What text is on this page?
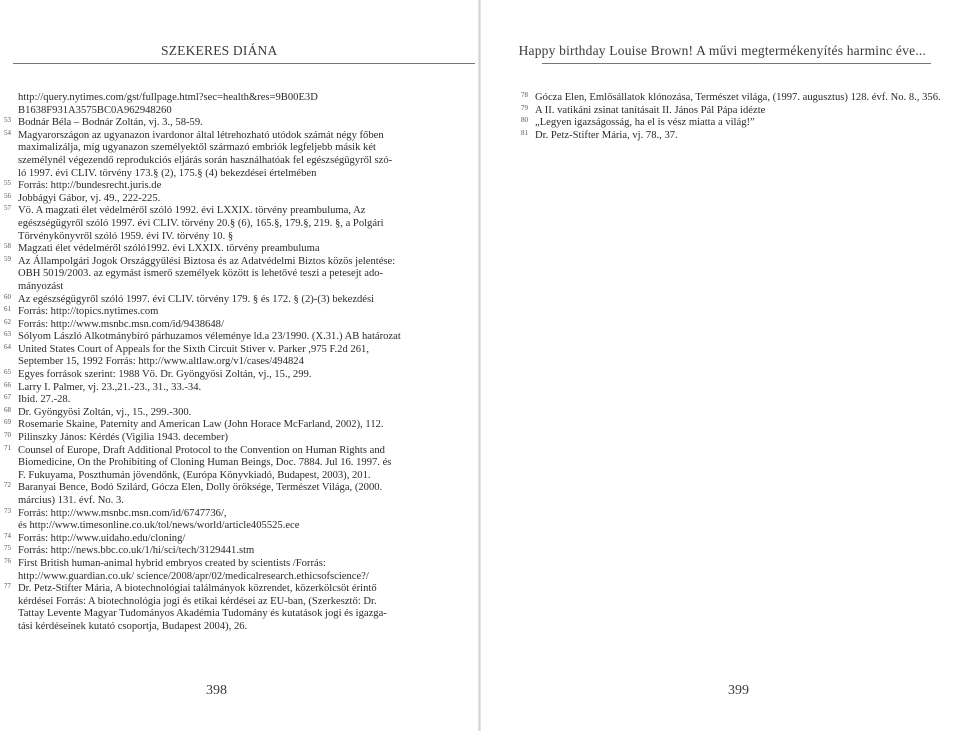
SZEKERES DIÁNA
http://query.nytimes.com/gst/fullpage.html?sec=health&res=9B00E3D
B1638F931A3575BC0A962948260
53 Bodnár Béla – Bodnár Zoltán, vj. 3., 58-59.
54 Magyarországon az ugyanazon ivardonor által létrehozható utódok számát négy főben
maximalizálja, míg ugyanazon személyektől származó embriók legfeljebb másik két
személynél végezendő reprodukciós eljárás során használhatóak fel egészségügyről szó-
ló 1997. évi CLIV. törvény 173.§ (2), 175.§ (4) bekezdései értelmében
55 Forrás: http://bundesrecht.juris.de
56 Jobbágyi Gábor, vj. 49., 222-225.
57 Vö. A magzati élet védelméről szóló 1992. évi LXXIX. törvény preambuluma, Az
egészségügyről szóló 1997. évi CLIV. törvény 20.§ (6), 165.§, 179.§, 219. §, a Polgári
Törvénykönyvről szóló 1959. évi IV. törvény 10. §
58 Magzati élet védelméről szóló1992. évi LXXIX. törvény preambuluma
59 Az Állampolgári Jogok Országgyűlési Biztosa és az Adatvédelmi Biztos közös jelentése:
OBH 5019/2003. az egymást ismerő személyek között is lehetővé teszi a petesejt ado-
mányozást
60 Az egészségügyről szóló 1997. évi CLIV. törvény 179. § és 172. § (2)-(3) bekezdési
61 Forrás: http://topics.nytimes.com
62 Forrás: http://www.msnbc.msn.com/id/9438648/
63 Sólyom László Alkotmánybíró párhuzamos véleménye ld.a 23/1990. (X.31.) AB határozat
64 United States Court of Appeals for the Sixth Circuit Stiver v. Parker ,975 F.2d 261,
September 15, 1992 Forrás: http://www.altlaw.org/v1/cases/494824
65 Egyes források szerint: 1988 Vö. Dr. Gyöngyösi Zoltán, vj., 15., 299.
66 Larry I. Palmer, vj. 23.,21.-23., 31., 33.-34.
67 Ibid. 27.-28.
68 Dr. Gyöngyösi Zoltán, vj., 15., 299.-300.
69 Rosemarie Skaine, Paternity and American Law (John Horace McFarland, 2002), 112.
70 Pilinszky János: Kérdés (Vigilia 1943. december)
71 Counsel of Europe, Draft Additional Protocol to the Convention on Human Rights and
Biomedicine, On the Prohibiting of Cloning Human Beings, Doc. 7884. Jul 16. 1997. és
F. Fukuyama, Poszthumán jövendőnk, (Európa Könyvkiadó, Budapest, 2003), 201.
72 Baranyai Bence, Bodó Szilárd, Gócza Elen, Dolly öröksége, Természet Világa, (2000.
március) 131. évf. No. 3.
73 Forrás: http://www.msnbc.msn.com/id/6747736/,
és http://www.timesonline.co.uk/tol/news/world/article405525.ece
74 Forrás: http://www.uidaho.edu/cloning/
75 Forrás: http://news.bbc.co.uk/1/hi/sci/tech/3129441.stm
76 First British human-animal hybrid embryos created by scientists /Forrás:
http://www.guardian.co.uk/ science/2008/apr/02/medicalresearch.ethicsofscience?/
77 Dr. Petz-Stifter Mária, A biotechnológiai találmányok közrendet, közerkölcsöt érintő
kérdései Forrás: A biotechnológia jogi és etikai kérdései az EU-ban, (Szerkesztő: Dr.
Tattay Levente Magyar Tudományos Akadémia Tudomány és kutatások jogi és igazga-
tási kérdéseinek kutató csoportja, Budapest 2004), 26.
398
Happy birthday Louise Brown! A művi megtermékenyítés harminc éve...
78 Gócza Elen, Emlősállatok klónozása, Természet világa, (1997. augusztus) 128. évf. No. 8., 356.
79 A II. vatikáni zsinat tanításait II. János Pál Pápa idézte
80 „Legyen igazságosság, ha el is vész miatta a világ!”
81 Dr. Petz-Stifter Mária, vj. 78., 37.
399
